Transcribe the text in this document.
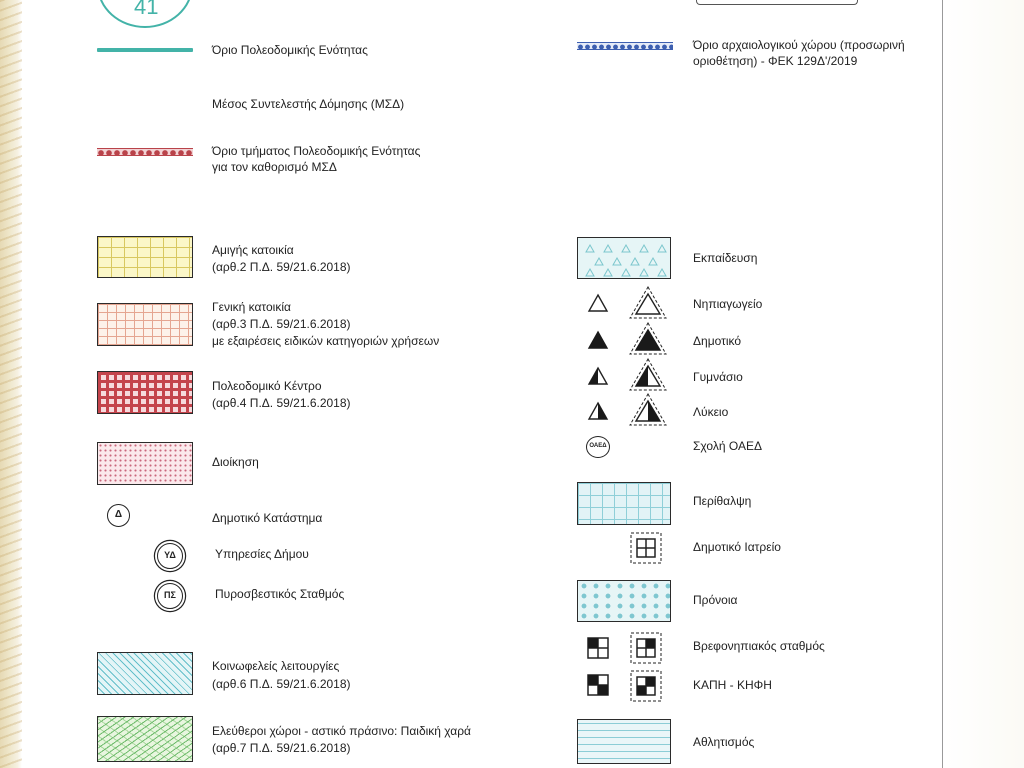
41
Όριο Πολεοδομικής Ενότητας
Μέσος Συντελεστής Δόμησης (ΜΣΔ)
Όριο τμήματος Πολεοδομικής Ενότητας
για τον καθορισμό ΜΣΔ
Αμιγής κατοικία
(αρθ.2 Π.Δ. 59/21.6.2018)
Γενική κατοικία
(αρθ.3 Π.Δ. 59/21.6.2018)
με εξαιρέσεις ειδικών κατηγοριών χρήσεων
Πολεοδομικό Κέντρο
(αρθ.4 Π.Δ. 59/21.6.2018)
Διοίκηση
Δ	Δημοτικό Κατάστημα
ΥΔ	Υπηρεσίες Δήμου
ΠΣ	Πυροσβεστικός Σταθμός
Κοινωφελείς λειτουργίες
(αρθ.6 Π.Δ. 59/21.6.2018)
Ελεύθεροι χώροι - αστικό πράσινο: Παιδική χαρά
(αρθ.7 Π.Δ. 59/21.6.2018)
Όριο αρχαιολογικού χώρου (προσωρινή
οριοθέτηση) - ΦΕΚ 129Δ'/2019
Εκπαίδευση
Νηπιαγωγείο
Δημοτικό
Γυμνάσιο
Λύκειο
ΟΑΕΔ	Σχολή ΟΑΕΔ
Περίθαλψη
Δημοτικό Ιατρείο
Πρόνοια
Βρεφονηπιακός σταθμός
ΚΑΠΗ - ΚΗΦΗ
Αθλητισμός
